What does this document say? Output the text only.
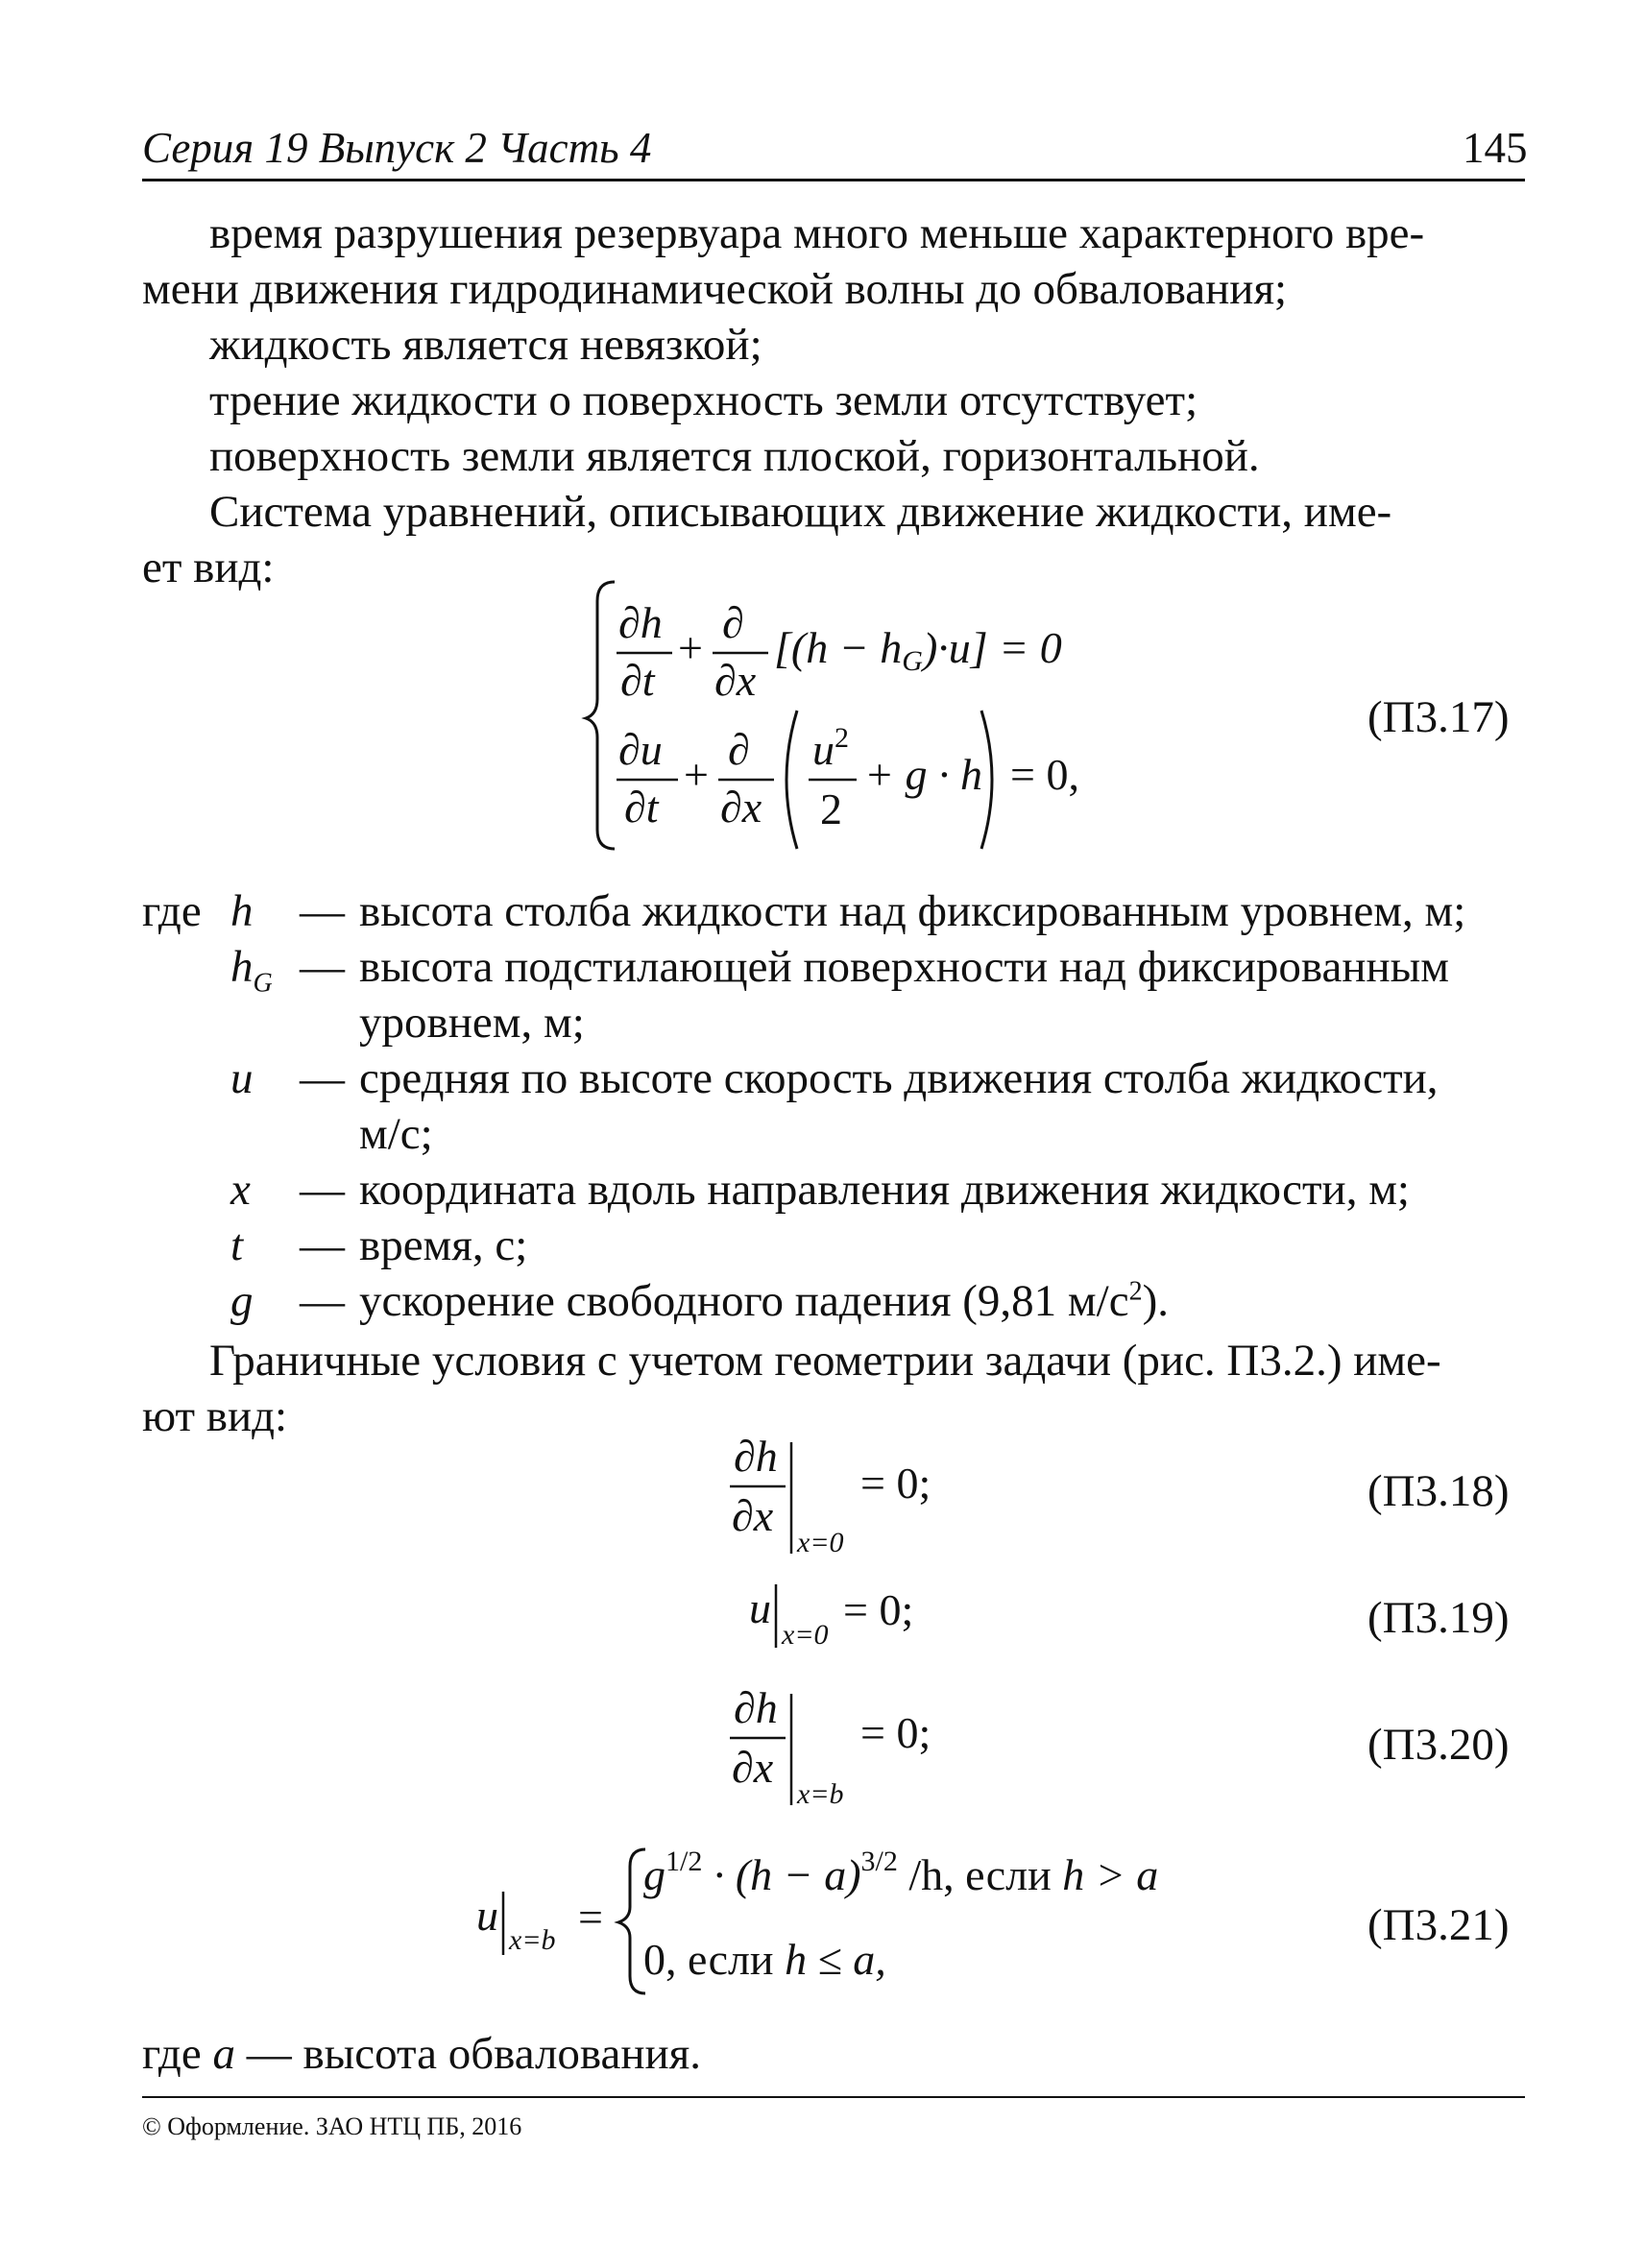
Серия 19 Выпуск 2 Часть 4	145
время разрушения резервуара много меньше характерного вре-
мени движения гидродинамической волны до обвалования;
жидкость является невязкой;
трение жидкости о поверхность земли отсутствует;
поверхность земли является плоской, горизонтальной.
Система уравнений, описывающих движение жидкости, име-
ет вид:
∂h
∂t
+
∂
∂x
[(h − hG)·u] = 0
∂u
∂t
+
∂
∂x
$u^2$
2
+ g · h = 0,
∂h
∂x
x=0
= 0;
u
x=0
= 0;
∂h
∂x
x=b
= 0;
u
x=b =
$g^{1/2} \cdot (h - a)^{3/2}$ /h, если h > a
0, если h ≤ a,
(П3.17)
где h — высота столба жидкости над фиксированным уровнем, м;
$h_G$ — высота подстилающей поверхности над фиксированным
уровнем, м;
u — средняя по высоте скорость движения столба жидкости,
м/с;
x — координата вдоль направления движения жидкости, м;
t — время, с;
g — ускорение свободного падения (9,81 $м/с^2$).
Граничные условия с учетом геометрии задачи (рис. П3.2.) име-
ют вид:
(П3.18)
(П3.19)
(П3.20)
(П3.21)
где a — высота обвалования.
© Оформление. ЗАО НТЦ ПБ, 2016
